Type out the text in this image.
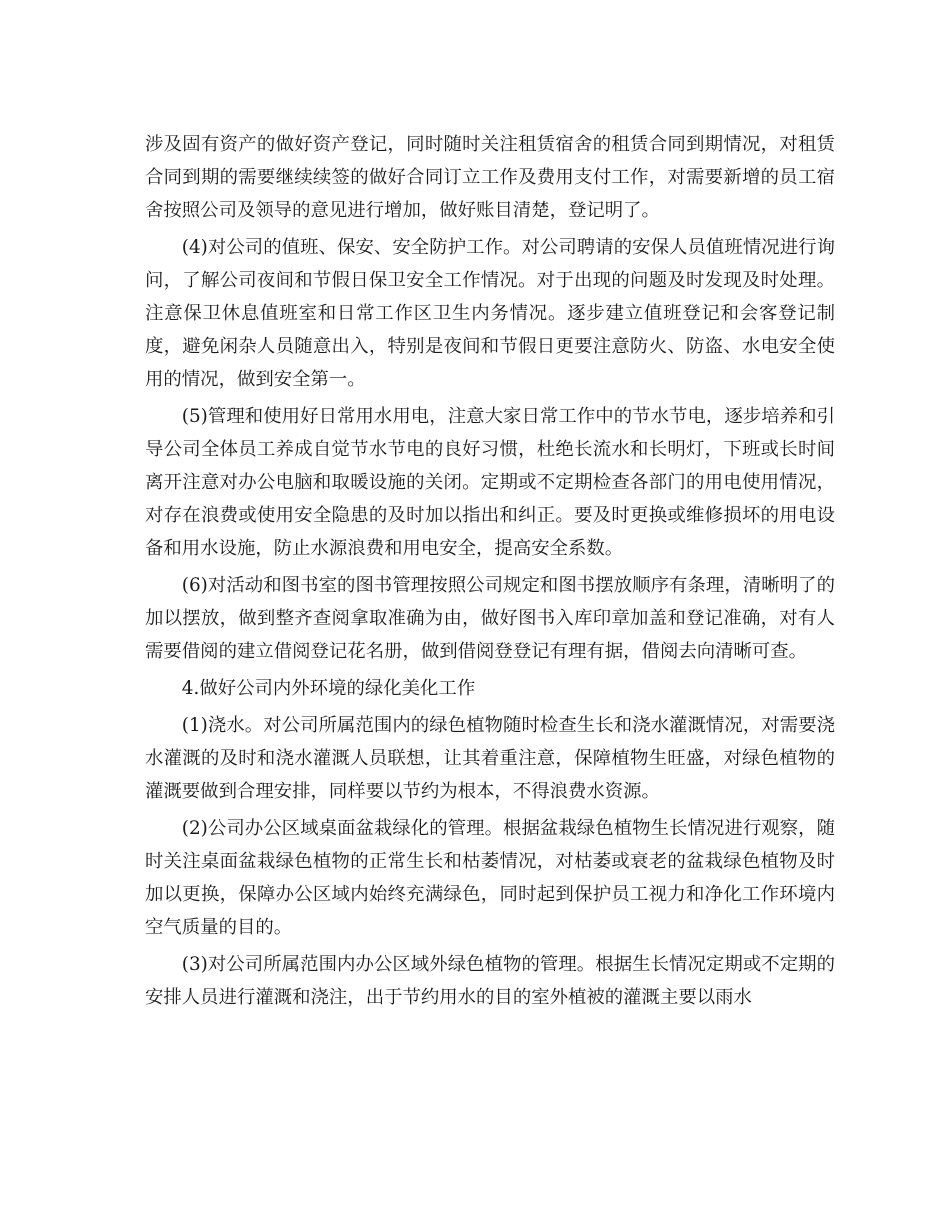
涉及固有资产的做好资产登记，同时随时关注租赁宿舍的租赁合同到期情况，对租赁合同到期的需要继续续签的做好合同订立工作及费用支付工作，对需要新增的员工宿舍按照公司及领导的意见进行增加，做好账目清楚，登记明了。

(4)对公司的值班、保安、安全防护工作。对公司聘请的安保人员值班情况进行询问，了解公司夜间和节假日保卫安全工作情况。对于出现的问题及时发现及时处理。注意保卫休息值班室和日常工作区卫生内务情况。逐步建立值班登记和会客登记制度，避免闲杂人员随意出入，特别是夜间和节假日更要注意防火、防盗、水电安全使用的情况，做到安全第一。

(5)管理和使用好日常用水用电，注意大家日常工作中的节水节电，逐步培养和引导公司全体员工养成自觉节水节电的良好习惯，杜绝长流水和长明灯，下班或长时间离开注意对办公电脑和取暖设施的关闭。定期或不定期检查各部门的用电使用情况，对存在浪费或使用安全隐患的及时加以指出和纠正。要及时更换或维修损坏的用电设备和用水设施，防止水源浪费和用电安全，提高安全系数。

(6)对活动和图书室的图书管理按照公司规定和图书摆放顺序有条理，清晰明了的加以摆放，做到整齐查阅拿取准确为由，做好图书入库印章加盖和登记准确，对有人需要借阅的建立借阅登记花名册，做到借阅登登记有理有据，借阅去向清晰可查。

4.做好公司内外环境的绿化美化工作

(1)浇水。对公司所属范围内的绿色植物随时检查生长和浇水灌溉情况，对需要浇水灌溉的及时和浇水灌溉人员联想，让其着重注意，保障植物生旺盛，对绿色植物的灌溉要做到合理安排，同样要以节约为根本，不得浪费水资源。

(2)公司办公区域桌面盆栽绿化的管理。根据盆栽绿色植物生长情况进行观察，随时关注桌面盆栽绿色植物的正常生长和枯萎情况，对枯萎或衰老的盆栽绿色植物及时加以更换，保障办公区域内始终充满绿色，同时起到保护员工视力和净化工作环境内空气质量的目的。

(3)对公司所属范围内办公区域外绿色植物的管理。根据生长情况定期或不定期的安排人员进行灌溉和浇注，出于节约用水的目的室外植被的灌溉主要以雨水
